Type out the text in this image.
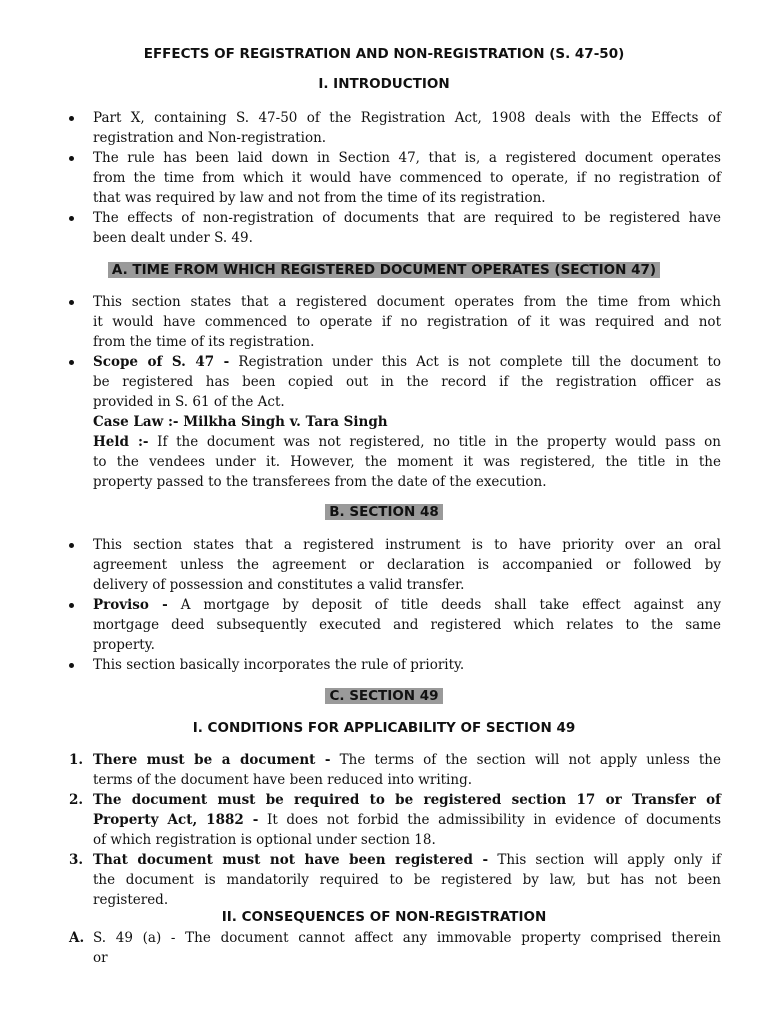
EFFECTS OF REGISTRATION AND NON-REGISTRATION (S. 47-50)
I. INTRODUCTION
Part X, containing S. 47-50 of the Registration Act, 1908 deals with the Effects of
registration and Non-registration.
The rule has been laid down in Section 47, that is, a registered document operates
from the time from which it would have commenced to operate, if no registration of
that was required by law and not from the time of its registration.
The effects of non-registration of documents that are required to be registered have
been dealt under S. 49.
A. TIME FROM WHICH REGISTERED DOCUMENT OPERATES (SECTION 47)
This section states that a registered document operates from the time from which
it would have commenced to operate if no registration of it was required and not
from the time of its registration.
Scope of S. 47 - Registration under this Act is not complete till the document to
be registered has been copied out in the record if the registration officer as
provided in S. 61 of the Act.
Case Law :- Milkha Singh v. Tara Singh
Held :- If the document was not registered, no title in the property would pass on
to the vendees under it. However, the moment it was registered, the title in the
property passed to the transferees from the date of the execution.
B. SECTION 48
This section states that a registered instrument is to have priority over an oral
agreement unless the agreement or declaration is accompanied or followed by
delivery of possession and constitutes a valid transfer.
Proviso - A mortgage by deposit of title deeds shall take effect against any
mortgage deed subsequently executed and registered which relates to the same
property.
This section basically incorporates the rule of priority.
C. SECTION 49
I. CONDITIONS FOR APPLICABILITY OF SECTION 49
1. There must be a document - The terms of the section will not apply unless the
terms of the document have been reduced into writing.
2. The document must be required to be registered section 17 or Transfer of
Property Act, 1882 - It does not forbid the admissibility in evidence of documents
of which registration is optional under section 18.
3. That document must not have been registered - This section will apply only if
the document is mandatorily required to be registered by law, but has not been
registered.
II. CONSEQUENCES OF NON-REGISTRATION
A. S. 49 (a) - The document cannot affect any immovable property comprised therein
or
